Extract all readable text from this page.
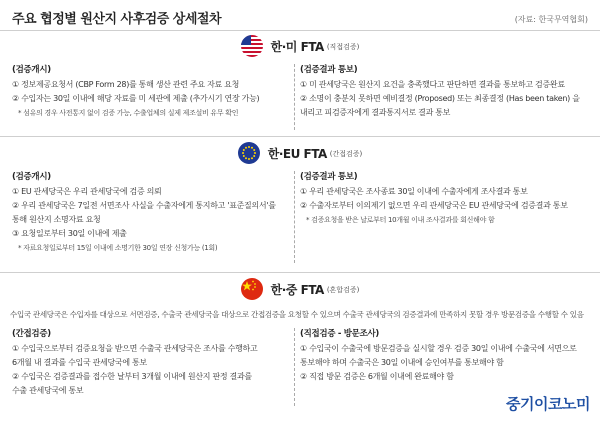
주요 협정별 원산지 사후검증 상세절차	(자료: 한국무역협회)
한·미 FTA (직접검증)
(검증개시)
① 정보제공요청서 (CBP Form 28)를 통해 생산 관련 주요 자료 요청
② 수입자는 30일 이내에 해당 자료를 미 세관에 제출 (추가시기 연장 가능)
* 섬유의 경우 사전통지 없이 검증 가능, 수출업체의 실제 제조설비 유무 확인
(검증결과 통보)
① 미 관세당국은 원산지 요건을 충족했다고 판단하면 결과를 통보하고 검증완료
② 소명이 충분치 못하면 예비결정 (Proposed) 또는 최종결정 (Has been taken) 을
내리고 피검증자에게 결과통지서로 결과 통보
한·EU FTA (간접검증)
(검증개시)
① EU 관세당국은 우리 관세당국에 검증 의뢰
② 우리 관세당국은 7일전 서면조사 사실을 수출자에게 통지하고 '표준질의서'를
통해 원산지 소명자료 요청
③ 요청일로부터 30일 이내에 제출
* 자료요청일로부터 15일 이내에 소명기한 30일 연장 신청가능 (1회)
(검증결과 통보)
① 우리 관세당국은 조사종료 30일 이내에 수출자에게 조사결과 통보
② 수출자로부터 이의제기 없으면 우리 관세당국은 EU 관세당국에 검증결과 통보
* 검증요청을 받은 날로부터 10개월 이내 조사결과를 회신해야 함
한·중 FTA (혼합검증)
수입국 관세당국은 수입자를 대상으로 서면검증, 수출국 관세당국을 대상으로 간접검증을 요청할 수 있으며 수출국 관세당국의 검증결과에 만족하지 못할 경우 방문검증을 수행할 수 있음
(간접검증)
① 수입국으로부터 검증요청을 받으면 수출국 관세당국은 조사를 수행하고
6개월 내 결과를 수입국 관세당국에 통보
② 수입국은 검증결과를 접수한 날부터 3개월 이내에 원산지 판정 결과를
수출 관세당국에 통보
(직접검증 - 방문조사)
① 수입국이 수출국에 방문검증을 실시할 경우 검증 30일 이내에 수출국에 서면으로
통보해야 하며 수출국은 30일 이내에 승인여부를 통보해야 함
② 직접 방문 검증은 6개월 이내에 완료해야 함
중기이코노미
